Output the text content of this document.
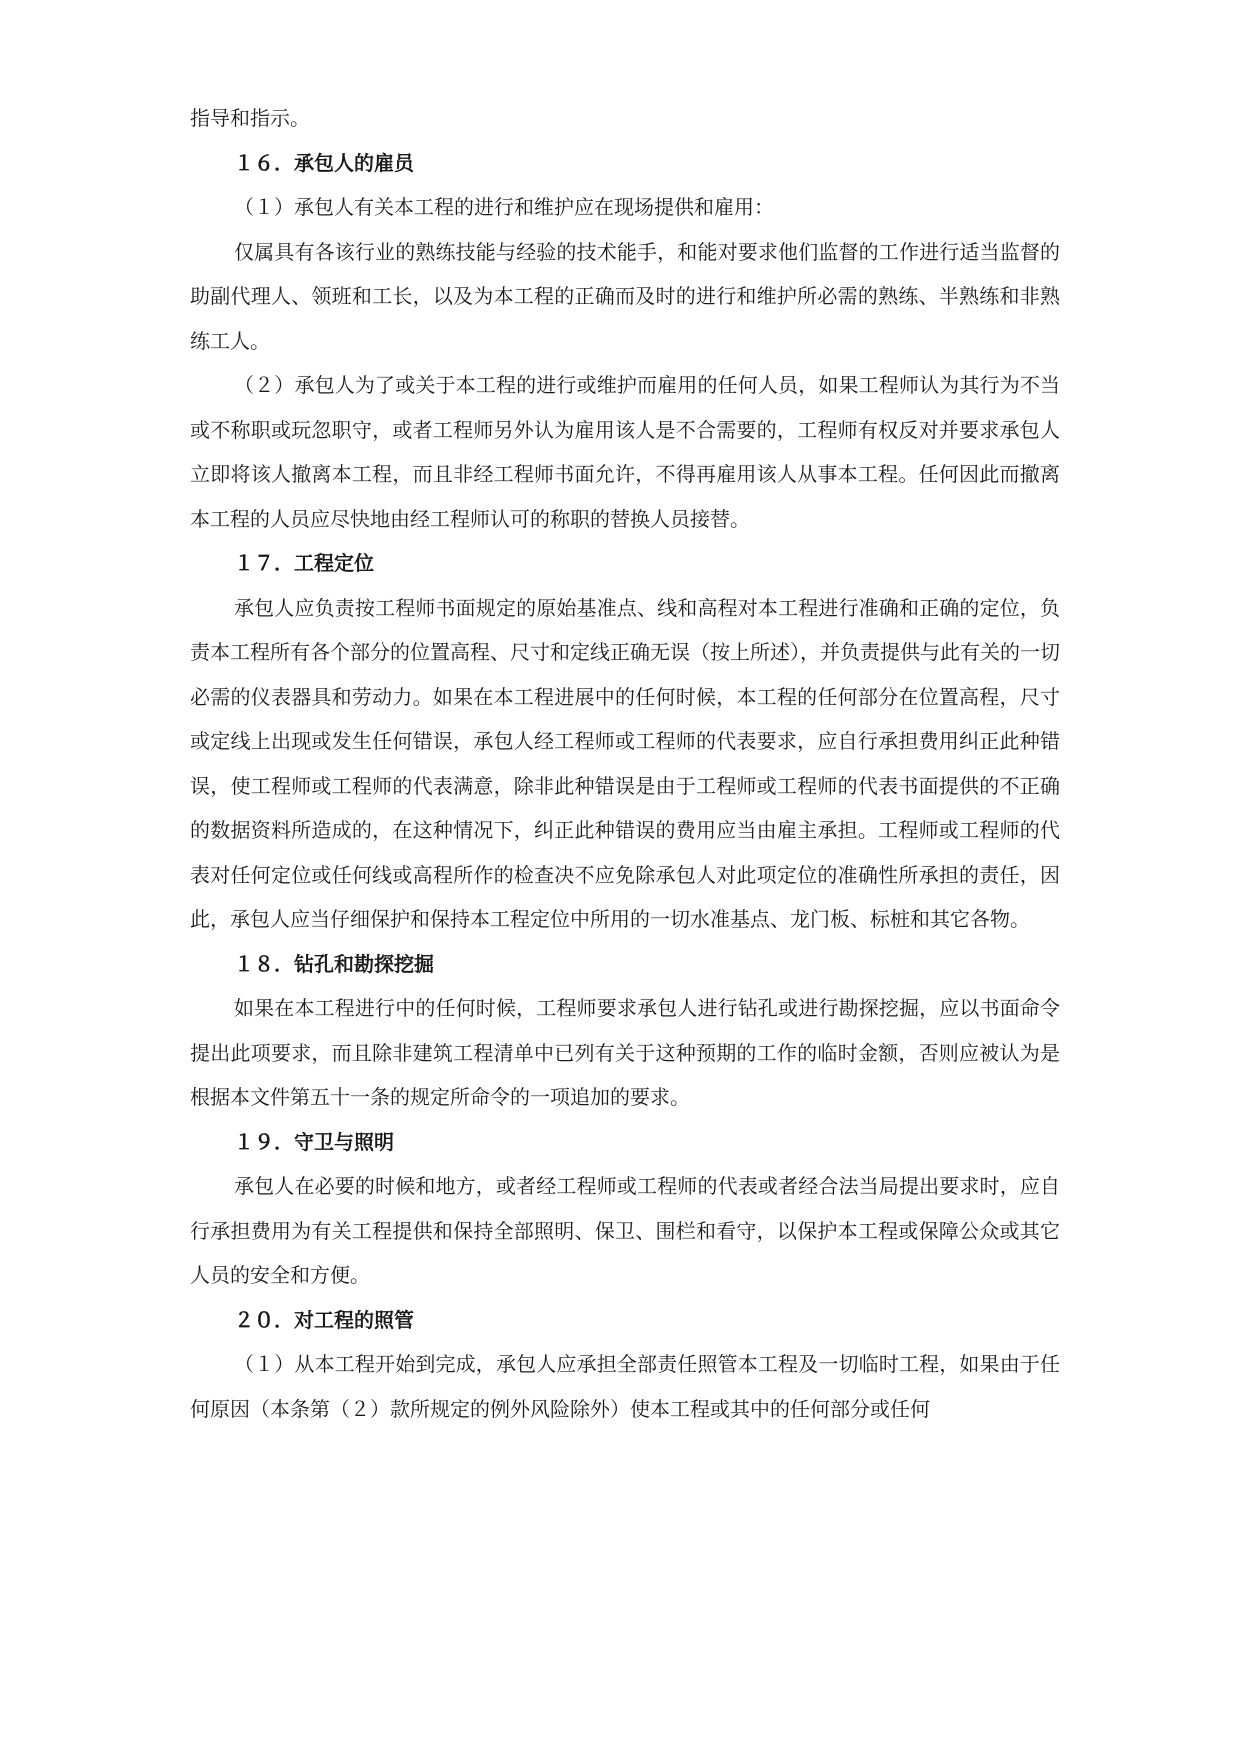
指导和指示。

１６．承包人的雇员

（１）承包人有关本工程的进行和维护应在现场提供和雇用：

仅属具有各该行业的熟练技能与经验的技术能手，和能对要求他们监督的工作进行适当监督的助副代理人、领班和工长，以及为本工程的正确而及时的进行和维护所必需的熟练、半熟练和非熟练工人。

（２）承包人为了或关于本工程的进行或维护而雇用的任何人员，如果工程师认为其行为不当或不称职或玩忽职守，或者工程师另外认为雇用该人是不合需要的，工程师有权反对并要求承包人立即将该人撤离本工程，而且非经工程师书面允许，不得再雇用该人从事本工程。任何因此而撤离本工程的人员应尽快地由经工程师认可的称职的替换人员接替。

１７．工程定位

承包人应负责按工程师书面规定的原始基准点、线和高程对本工程进行准确和正确的定位，负责本工程所有各个部分的位置高程、尺寸和定线正确无误（按上所述），并负责提供与此有关的一切必需的仪表器具和劳动力。如果在本工程进展中的任何时候，本工程的任何部分在位置高程，尺寸或定线上出现或发生任何错误，承包人经工程师或工程师的代表要求，应自行承担费用纠正此种错误，使工程师或工程师的代表满意，除非此种错误是由于工程师或工程师的代表书面提供的不正确的数据资料所造成的，在这种情况下，纠正此种错误的费用应当由雇主承担。工程师或工程师的代表对任何定位或任何线或高程所作的检查决不应免除承包人对此项定位的准确性所承担的责任，因此，承包人应当仔细保护和保持本工程定位中所用的一切水准基点、龙门板、标桩和其它各物。

１８．钻孔和勘探挖掘

如果在本工程进行中的任何时候，工程师要求承包人进行钻孔或进行勘探挖掘，应以书面命令提出此项要求，而且除非建筑工程清单中已列有关于这种预期的工作的临时金额，否则应被认为是根据本文件第五十一条的规定所命令的一项追加的要求。

１９．守卫与照明

承包人在必要的时候和地方，或者经工程师或工程师的代表或者经合法当局提出要求时，应自行承担费用为有关工程提供和保持全部照明、保卫、围栏和看守，以保护本工程或保障公众或其它人员的安全和方便。

２０．对工程的照管

（１）从本工程开始到完成，承包人应承担全部责任照管本工程及一切临时工程，如果由于任何原因（本条第（２）款所规定的例外风险除外）使本工程或其中的任何部分或任何
